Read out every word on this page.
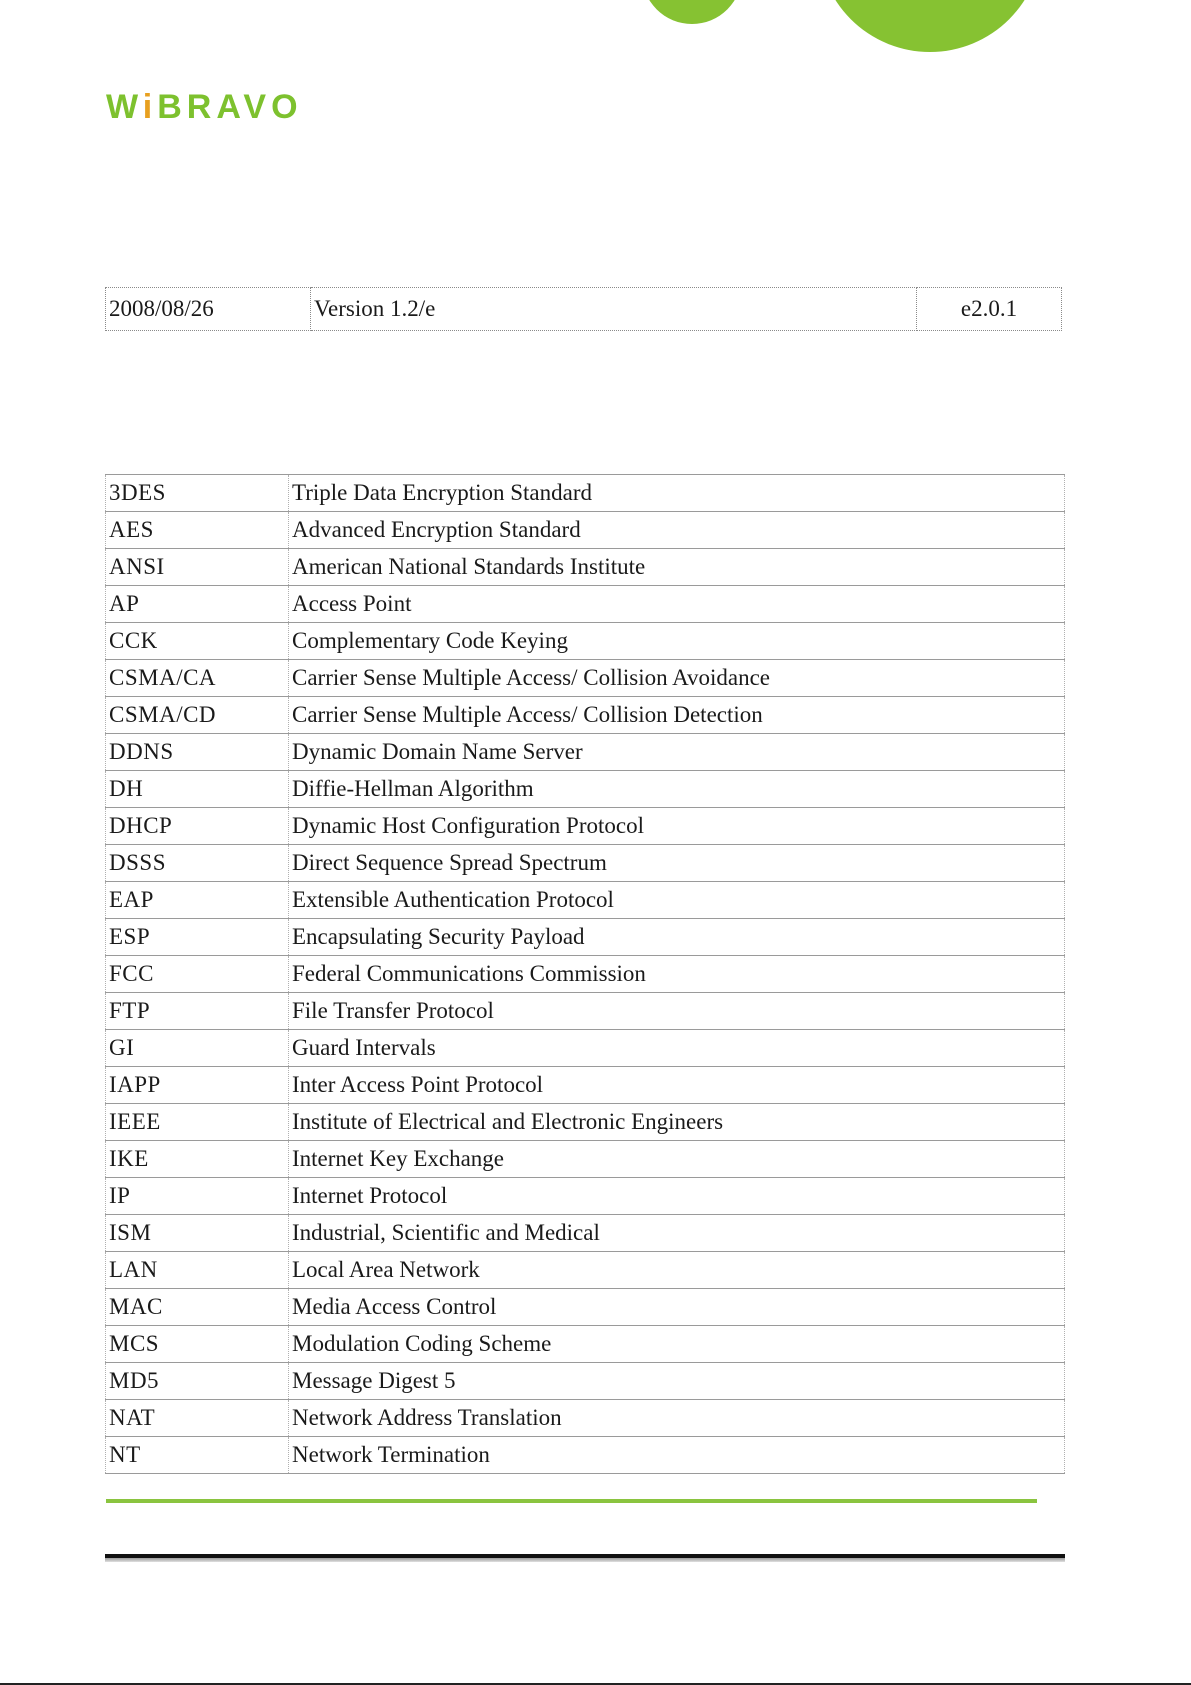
WiBRAVO
2008/08/26	Version 1.2/e	e2.0.1
3DES	Triple Data Encryption Standard
AES	Advanced Encryption Standard
ANSI	American National Standards Institute
AP	Access Point
CCK	Complementary Code Keying
CSMA/CA	Carrier Sense Multiple Access/ Collision Avoidance
CSMA/CD	Carrier Sense Multiple Access/ Collision Detection
DDNS	Dynamic Domain Name Server
DH	Diffie-Hellman Algorithm
DHCP	Dynamic Host Configuration Protocol
DSSS	Direct Sequence Spread Spectrum
EAP	Extensible Authentication Protocol
ESP	Encapsulating Security Payload
FCC	Federal Communications Commission
FTP	File Transfer Protocol
GI	Guard Intervals
IAPP	Inter Access Point Protocol
IEEE	Institute of Electrical and Electronic Engineers
IKE	Internet Key Exchange
IP	Internet Protocol
ISM	Industrial, Scientific and Medical
LAN	Local Area Network
MAC	Media Access Control
MCS	Modulation Coding Scheme
MD5	Message Digest 5
NAT	Network Address Translation
NT	Network Termination
